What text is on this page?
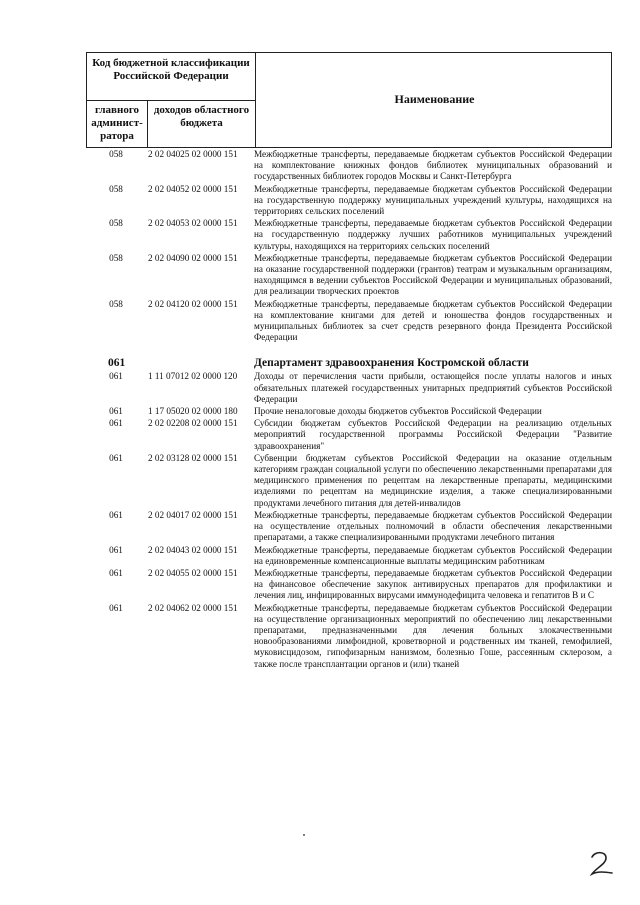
Код бюджетной классификации Российской Федерации
главного админист-ратора
доходов областного бюджета
Наименование
058	2 02 04025 02 0000 151	Межбюджетные трансферты, передаваемые бюджетам субъектов Российской Федерации на комплектование книжных фондов библиотек муниципальных образований и государственных библиотек городов Москвы и Санкт-Петербурга
058	2 02 04052 02 0000 151	Межбюджетные трансферты, передаваемые бюджетам субъектов Российской Федерации на государственную поддержку муниципальных учреждений культуры, находящихся на территориях сельских поселений
058	2 02 04053 02 0000 151	Межбюджетные трансферты, передаваемые бюджетам субъектов Российской Федерации на государственную поддержку лучших работников муниципальных учреждений культуры, находящихся на территориях сельских поселений
058	2 02 04090 02 0000 151	Межбюджетные трансферты, передаваемые бюджетам субъектов Российской Федерации на оказание государственной поддержки (грантов) театрам и музыкальным организациям, находящимся в ведении субъектов Российской Федерации и муниципальных образований, для реализации творческих проектов
058	2 02 04120 02 0000 151	Межбюджетные трансферты, передаваемые бюджетам субъектов Российской Федерации на комплектование книгами для детей и юношества фондов государственных и муниципальных библиотек за счет средств резервного фонда Президента Российской Федерации
061	Департамент здравоохранения Костромской области
061	1 11 07012 02 0000 120	Доходы от перечисления части прибыли, остающейся после уплаты налогов и иных обязательных платежей государственных унитарных предприятий субъектов Российской Федерации
061	1 17 05020 02 0000 180	Прочие неналоговые доходы бюджетов субъектов Российской Федерации
061	2 02 02208 02 0000 151	Субсидии бюджетам субъектов Российской Федерации на реализацию отдельных мероприятий государственной программы Российской Федерации "Развитие здравоохранения"
061	2 02 03128 02 0000 151	Субвенции бюджетам субъектов Российской Федерации на оказание отдельным категориям граждан социальной услуги по обеспечению лекарственными препаратами для медицинского применения по рецептам на лекарственные препараты, медицинскими изделиями по рецептам на медицинские изделия, а также специализированными продуктами лечебного питания для детей-инвалидов
061	2 02 04017 02 0000 151	Межбюджетные трансферты, передаваемые бюджетам субъектов Российской Федерации на осуществление отдельных полномочий в области обеспечения лекарственными препаратами, а также специализированными продуктами лечебного питания
061	2 02 04043 02 0000 151	Межбюджетные трансферты, передаваемые бюджетам субъектов Российской Федерации на единовременные компенсационные выплаты медицинским работникам
061	2 02 04055 02 0000 151	Межбюджетные трансферты, передаваемые бюджетам субъектов Российской Федерации на финансовое обеспечение закупок антивирусных препаратов для профилактики и лечения лиц, инфицированных вирусами иммунодефицита человека и гепатитов B и C
061	2 02 04062 02 0000 151	Межбюджетные трансферты, передаваемые бюджетам субъектов Российской Федерации на осуществление организационных мероприятий по обеспечению лиц лекарственными препаратами, предназначенными для лечения больных злокачественными новообразованиями лимфоидной, кроветворной и родственных им тканей, гемофилией, муковисцидозом, гипофизарным нанизмом, болезнью Гоше, рассеянным склерозом, а также после трансплантации органов и (или) тканей
